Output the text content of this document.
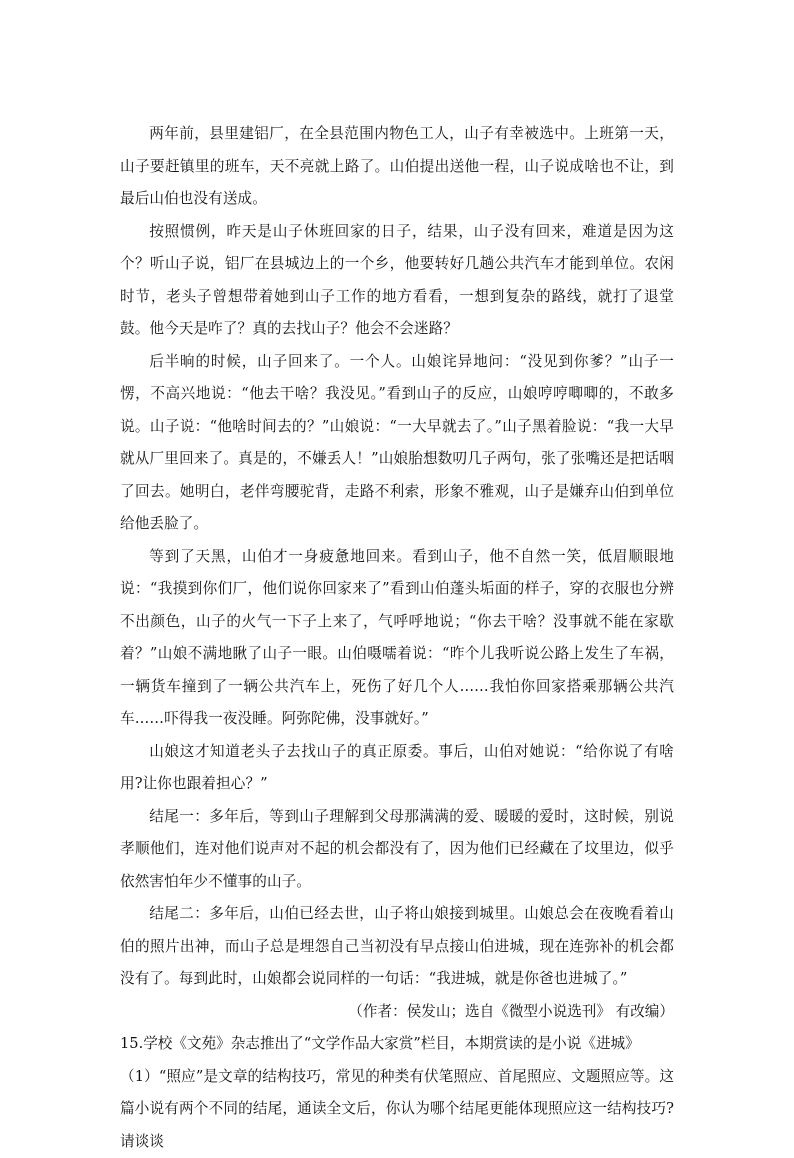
两年前，县里建铝厂，在全县范围内物色工人，山子有幸被选中。上班第一天，山子要赶镇里的班车，天不亮就上路了。山伯提出送他一程，山子说成啥也不让，到最后山伯也没有送成。

按照惯例，昨天是山子休班回家的日子，结果，山子没有回来，难道是因为这个？听山子说，铝厂在县城边上的一个乡，他要转好几趟公共汽车才能到单位。农闲时节，老头子曾想带着她到山子工作的地方看看，一想到复杂的路线，就打了退堂鼓。他今天是咋了？真的去找山子？他会不会迷路？

后半晌的时候，山子回来了。一个人。山娘诧异地问：“没见到你爹？”山子一愣，不高兴地说：“他去干啥？我没见。”看到山子的反应，山娘哼哼唧唧的，不敢多说。山子说：“他啥时间去的？”山娘说：“一大早就去了。”山子黑着脸说：“我一大早就从厂里回来了。真是的，不嫌丢人！”山娘胎想数叨几子两句，张了张嘴还是把话咽了回去。她明白，老伴弯腰驼背，走路不利索，形象不雅观，山子是嫌弃山伯到单位给他丢脸了。

等到了天黑，山伯才一身疲惫地回来。看到山子，他不自然一笑，低眉顺眼地说：“我摸到你们厂，他们说你回家来了”看到山伯蓬头垢面的样子，穿的衣服也分辨不出颜色，山子的火气一下子上来了，气呼呼地说；“你去干啥？没事就不能在家歇着？”山娘不满地瞅了山子一眼。山伯嗫嚅着说：“昨个儿我听说公路上发生了车祸，一辆货车撞到了一辆公共汽车上，死伤了好几个人……我怕你回家搭乘那辆公共汽车……吓得我一夜没睡。阿弥陀佛，没事就好。”

山娘这才知道老头子去找山子的真正原委。事后，山伯对她说：“给你说了有啥用?让你也跟着担心？”

结尾一：多年后，等到山子理解到父母那满满的爱、暖暖的爱时，这时候，别说孝顺他们，连对他们说声对不起的机会都没有了，因为他们已经藏在了坟里边，似乎依然害怕年少不懂事的山子。

结尾二：多年后，山伯已经去世，山子将山娘接到城里。山娘总会在夜晚看着山伯的照片出神，而山子总是埋怨自己当初没有早点接山伯进城，现在连弥补的机会都没有了。每到此时，山娘都会说同样的一句话：“我进城，就是你爸也进城了。”

（作者：侯发山；选自《微型小说选刊》 有改编）

15.学校《文苑》杂志推出了“文学作品大家赏”栏目，本期赏读的是小说《进城》

（1）“照应”是文章的结构技巧，常见的种类有伏笔照应、首尾照应、文题照应等。这篇小说有两个不同的结尾，通读全文后，你认为哪个结尾更能体现照应这一结构技巧?请谈谈
